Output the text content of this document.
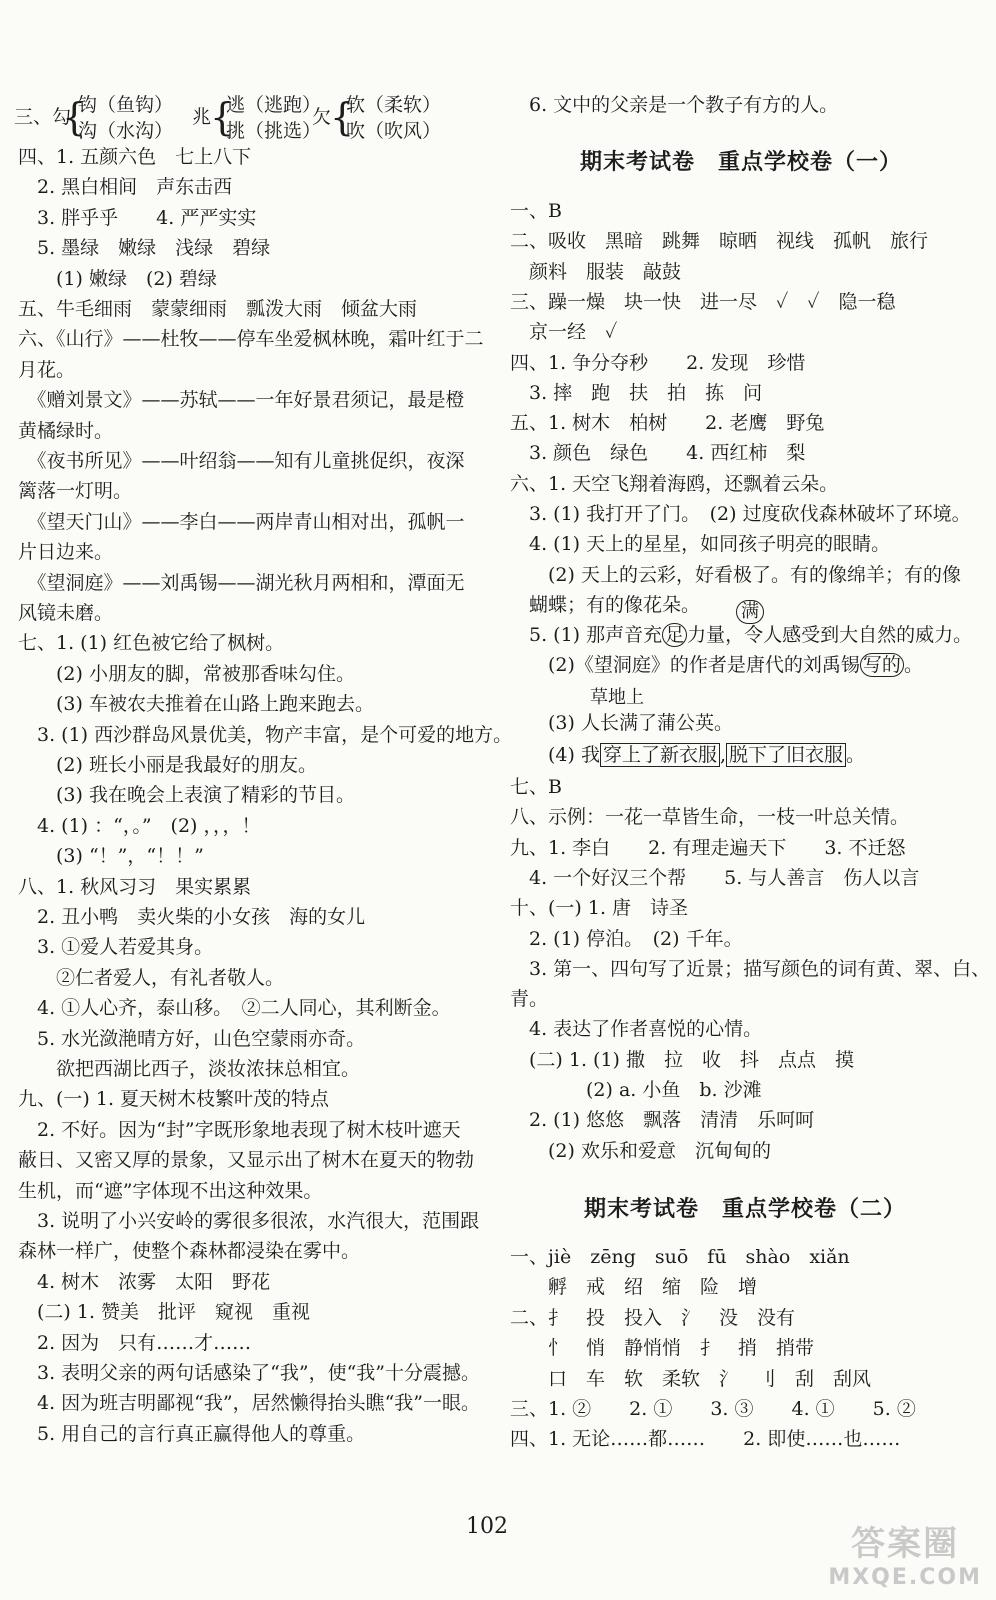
三、勾
{
钩（鱼钩）
沟（水沟）
兆
{
逃（逃跑）
挑（挑选）
欠
{
软（柔软）
吹（吹风）
四、1. 五颜六色　七上八下
　2. 黑白相间　声东击西
　3. 胖乎乎　　4. 严严实实
　5. 墨绿　嫩绿　浅绿　碧绿
　　(1) 嫩绿　(2) 碧绿
五、牛毛细雨　蒙蒙细雨　瓢泼大雨　倾盆大雨
六、《山行》——杜牧——停车坐爱枫林晚，霜叶红于二
月花。
　《赠刘景文》——苏轼——一年好景君须记，最是橙
黄橘绿时。
　《夜书所见》——叶绍翁——知有儿童挑促织，夜深
篱落一灯明。
　《望天门山》——李白——两岸青山相对出，孤帆一
片日边来。
　《望洞庭》——刘禹锡——湖光秋月两相和，潭面无
风镜未磨。
七、1. (1) 红色被它给了枫树。
　　(2) 小朋友的脚，常被那香味勾住。
　　(3) 车被农夫推着在山路上跑来跑去。
　3. (1) 西沙群岛风景优美，物产丰富，是个可爱的地方。
　　(2) 班长小丽是我最好的朋友。
　　(3) 我在晚会上表演了精彩的节目。
　4. (1) ：“，。”　(2) ，，，！
　　(3) “！”，“！！”
八、1. 秋风习习　果实累累
　2. 丑小鸭　卖火柴的小女孩　海的女儿
　3. ①爱人若爱其身。
　　②仁者爱人，有礼者敬人。
　4. ①人心齐，泰山移。　②二人同心，其利断金。
　5. 水光潋滟晴方好，山色空蒙雨亦奇。
　　欲把西湖比西子，淡妆浓抹总相宜。
九、(一) 1. 夏天树木枝繁叶茂的特点
　2. 不好。因为“封”字既形象地表现了树木枝叶遮天
蔽日、又密又厚的景象，又显示出了树木在夏天的物勃
生机，而“遮”字体现不出这种效果。
　3. 说明了小兴安岭的雾很多很浓，水汽很大，范围跟
森林一样广，使整个森林都浸染在雾中。
　4. 树木　浓雾　太阳　野花
　(二) 1. 赞美　批评　窥视　重视
　2. 因为　只有……才……
　3. 表明父亲的两句话感染了“我”，使“我”十分震撼。
　4. 因为班吉明鄙视“我”，居然懒得抬头瞧“我”一眼。
　5. 用自己的言行真正赢得他人的尊重。
　6. 文中的父亲是一个教子有方的人。
期末考试卷　重点学校卷（一）
一、B
二、吸收　黑暗　跳舞　晾晒　视线　孤帆　旅行
　颜料　服装　敲鼓
三、躁一燥　块一快　进一尽　✓　✓　隐一稳
　京一经　✓
四、1. 争分夺秒　　2. 发现　珍惜
　3. 摔　跑　扶　拍　拣　问
五、1. 树木　柏树　　2. 老鹰　野兔
　3. 颜色　绿色　　4. 西红柿　梨
六、1. 天空飞翔着海鸥，还飘着云朵。
　3. (1) 我打开了门。　(2) 过度砍伐森林破坏了环境。
　4. (1) 天上的星星，如同孩子明亮的眼睛。
　　(2) 天上的云彩，好看极了。有的像绵羊；有的像
　蝴蝶；有的像花朵。 满
　5. (1) 那声音充 足 力量，令人感受到大自然的威力。
　　(2)《望洞庭》的作者是唐代的刘禹锡 写的 。
草地上
　　(3) 人长满了蒲公英。
　　(4) 我 穿上了新衣服 , 脱下了旧衣服 。
七、B
八、示例：一花一草皆生命，一枝一叶总关情。
九、1. 李白　　2. 有理走遍天下　　3. 不迁怒
　4. 一个好汉三个帮　　5. 与人善言　伤人以言
十、(一) 1. 唐　诗圣
　2. (1) 停泊。　(2) 千年。
　3. 第一、四句写了近景；描写颜色的词有黄、翠、白、
青。
　4. 表达了作者喜悦的心情。
　(二) 1. (1) 撒　拉　收　抖　点点　摸
　　　　(2) a. 小鱼　b. 沙滩
　2. (1) 悠悠　飘落　清清　乐呵呵
　　(2) 欢乐和爱意　沉甸甸的
期末考试卷　重点学校卷（二）
一、jiè　zēng　suō　fū　shào　xiǎn
　　孵　戒　绍　缩　险　增
二、扌　投　投入　氵　没　没有
　　忄　悄　静悄悄　扌　捎　捎带
　　口　车　软　柔软　氵　刂　刮　刮风
三、1. ②　　2. ①　　3. ③　　4. ①　　5. ②
四、1. 无论……都……　　2. 即使……也……
102	答案圈
MXQE.COM
